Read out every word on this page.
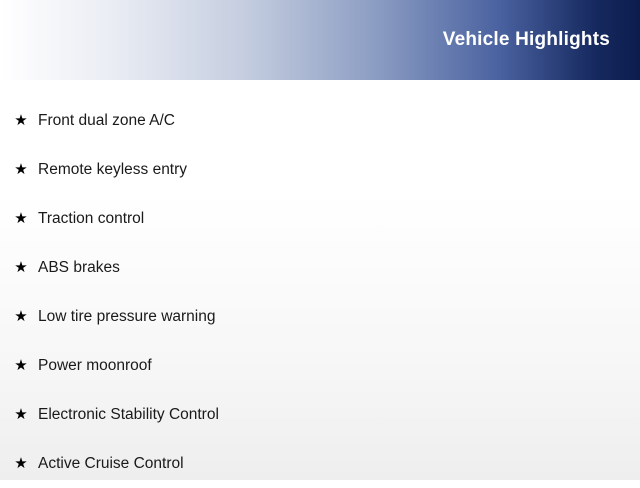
Vehicle Highlights
★ Front dual zone A/C
★ Remote keyless entry
★ Traction control
★ ABS brakes
★ Low tire pressure warning
★ Power moonroof
★ Electronic Stability Control
★ Active Cruise Control
